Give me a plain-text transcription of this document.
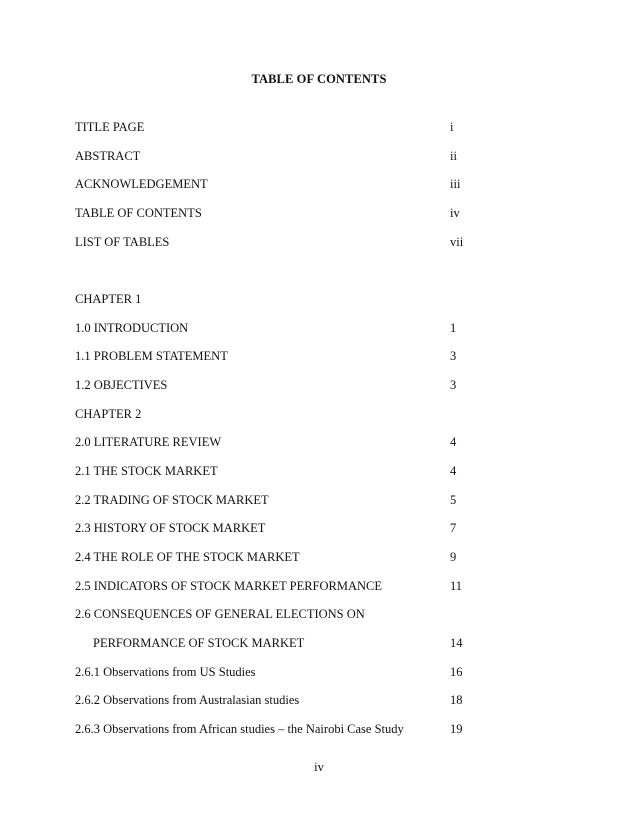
TABLE OF CONTENTS
TITLE PAGE	i
ABSTRACT	ii
ACKNOWLEDGEMENT	iii
TABLE OF CONTENTS	iv
LIST OF TABLES	vii
CHAPTER 1
1.0 INTRODUCTION	1
1.1 PROBLEM STATEMENT	3
1.2 OBJECTIVES	3
CHAPTER 2
2.0 LITERATURE REVIEW	4
2.1 THE STOCK MARKET	4
2.2 TRADING OF STOCK MARKET	5
2.3 HISTORY OF STOCK MARKET	7
2.4 THE ROLE OF THE STOCK MARKET	9
2.5 INDICATORS OF STOCK MARKET PERFORMANCE	11
2.6 CONSEQUENCES OF GENERAL ELECTIONS ON
PERFORMANCE OF STOCK MARKET	14
2.6.1 Observations from US Studies	16
2.6.2 Observations from Australasian studies	18
2.6.3 Observations from African studies – the Nairobi Case Study	19
iv
